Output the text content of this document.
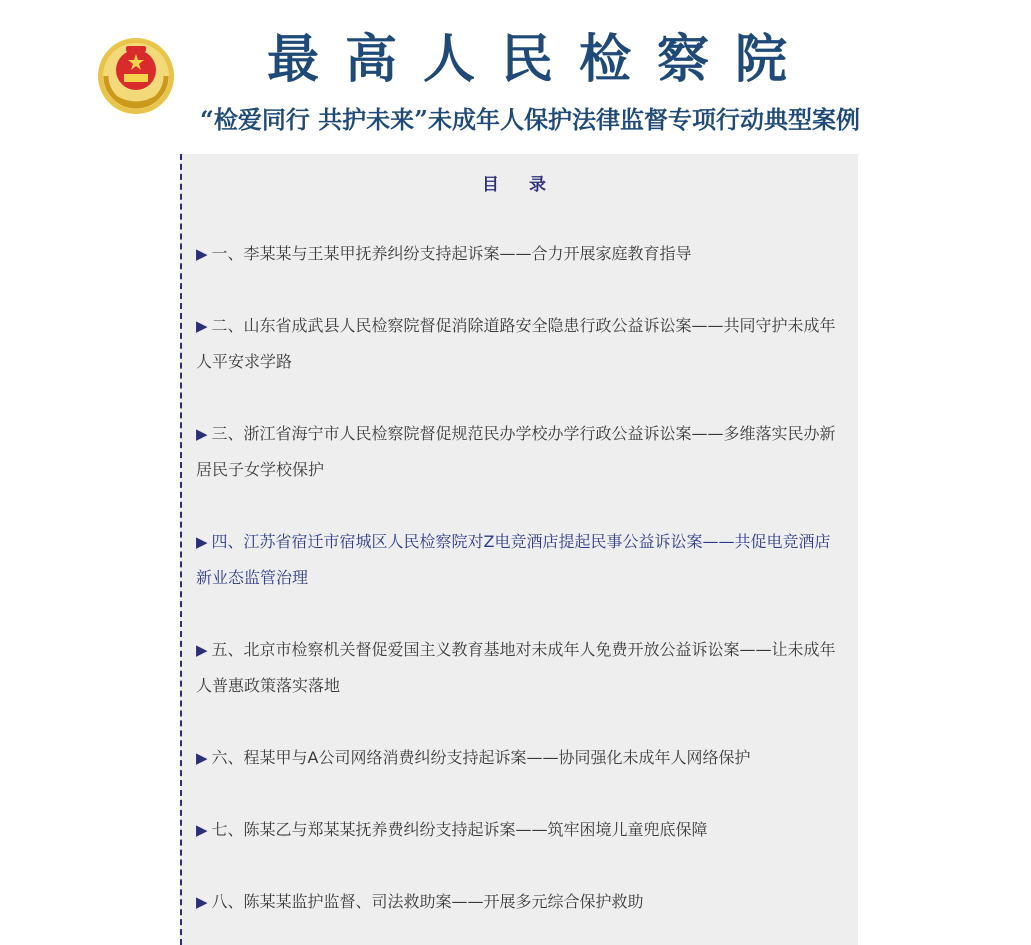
最高人民检察院
“检爱同行 共护未来”未成年人保护法律监督专项行动典型案例
目 录
▶ 一、李某某与王某甲抚养纠纷支持起诉案——合力开展家庭教育指导
▶ 二、山东省成武县人民检察院督促消除道路安全隐患行政公益诉讼案——共同守护未成年人平安求学路
▶ 三、浙江省海宁市人民检察院督促规范民办学校办学行政公益诉讼案——多维落实民办新居民子女学校保护
▶ 四、江苏省宿迁市宿城区人民检察院对Z电竞酒店提起民事公益诉讼案——共促电竞酒店新业态监管治理
▶ 五、北京市检察机关督促爱国主义教育基地对未成年人免费开放公益诉讼案——让未成年人普惠政策落实落地
▶ 六、程某甲与A公司网络消费纠纷支持起诉案——协同强化未成年人网络保护
▶ 七、陈某乙与郑某某抚养费纠纷支持起诉案——筑牢困境儿童兜底保障
▶ 八、陈某某监护监督、司法救助案——开展多元综合保护救助
